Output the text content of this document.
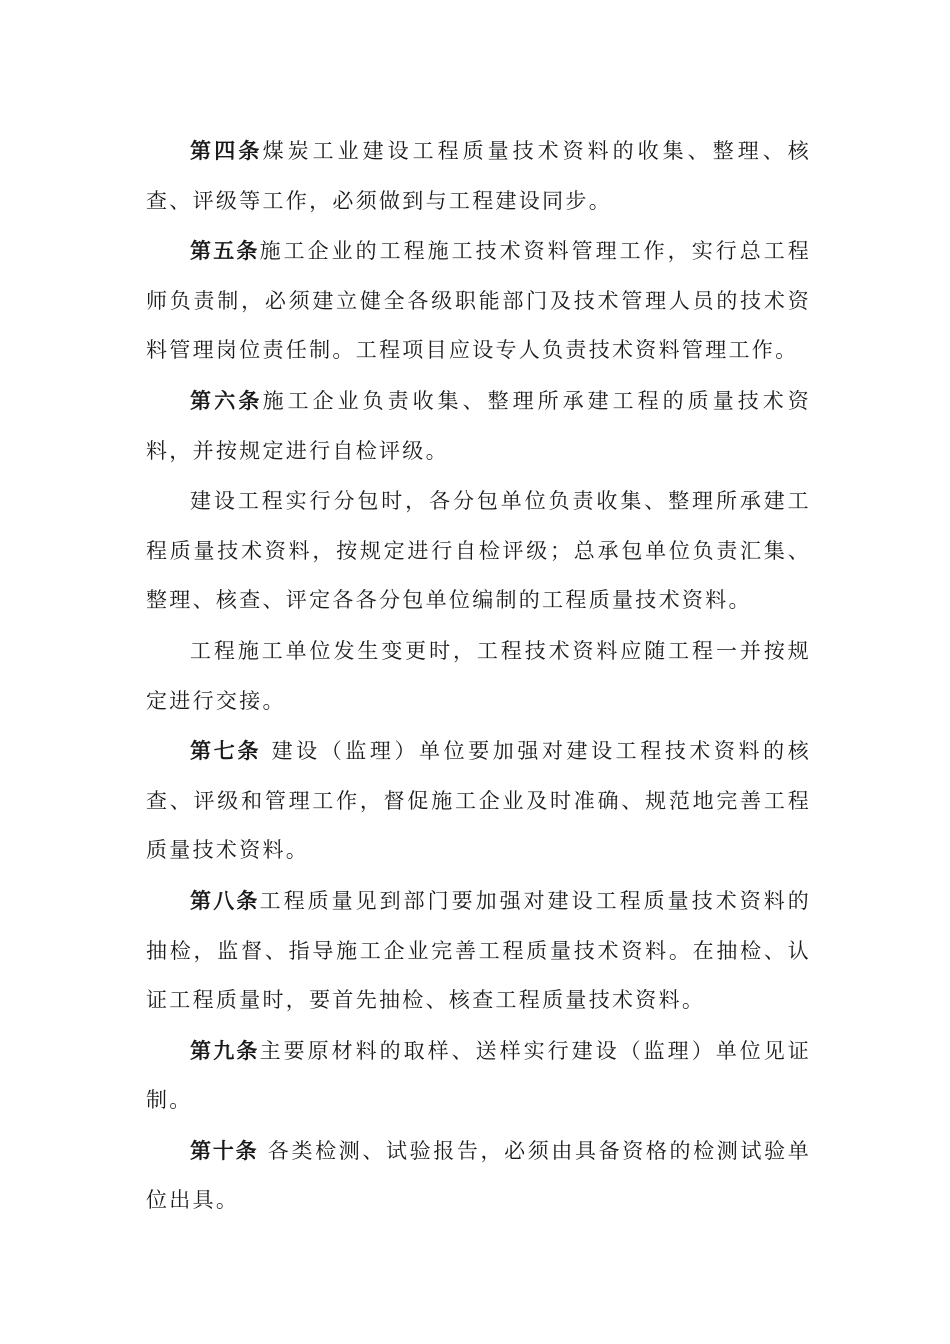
第四条煤炭工业建设工程质量技术资料的收集、整理、核查、评级等工作，必须做到与工程建设同步。

第五条施工企业的工程施工技术资料管理工作，实行总工程师负责制，必须建立健全各级职能部门及技术管理人员的技术资料管理岗位责任制。工程项目应设专人负责技术资料管理工作。

第六条施工企业负责收集、整理所承建工程的质量技术资料，并按规定进行自检评级。

建设工程实行分包时，各分包单位负责收集、整理所承建工程质量技术资料，按规定进行自检评级；总承包单位负责汇集、整理、核查、评定各各分包单位编制的工程质量技术资料。

工程施工单位发生变更时，工程技术资料应随工程一并按规定进行交接。

第七条 建设（监理）单位要加强对建设工程技术资料的核查、评级和管理工作，督促施工企业及时准确、规范地完善工程质量技术资料。

第八条工程质量见到部门要加强对建设工程质量技术资料的抽检，监督、指导施工企业完善工程质量技术资料。在抽检、认证工程质量时，要首先抽检、核查工程质量技术资料。

第九条主要原材料的取样、送样实行建设（监理）单位见证制。

第十条 各类检测、试验报告，必须由具备资格的检测试验单位出具。
